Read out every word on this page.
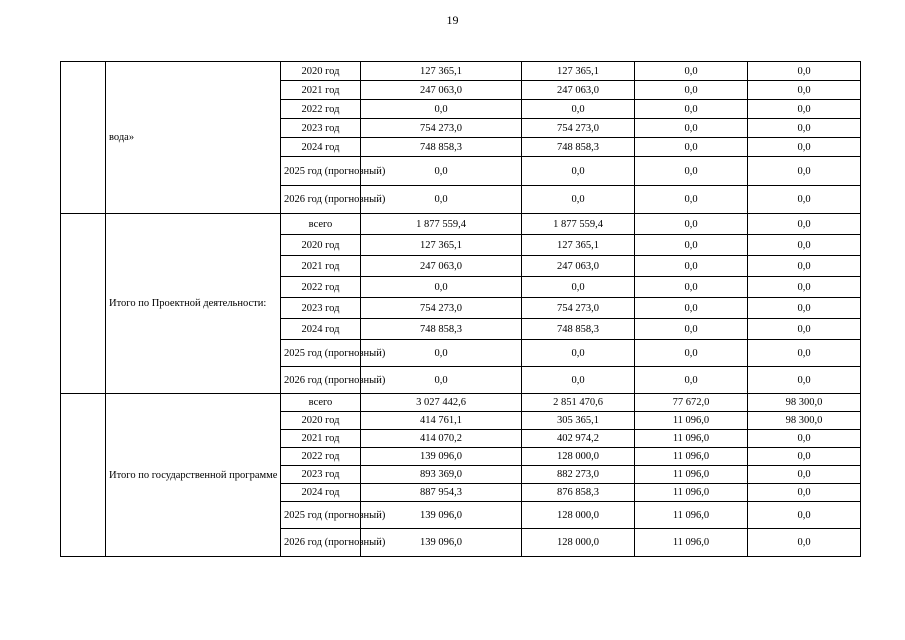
19
	вода»	2020 год	127 365,1	127 365,1	0,0	0,0
		2021 год	247 063,0	247 063,0	0,0	0,0
		2022 год	0,0	0,0	0,0	0,0
		2023 год	754 273,0	754 273,0	0,0	0,0
		2024 год	748 858,3	748 858,3	0,0	0,0
		2025 год (прогнозный)	0,0	0,0	0,0	0,0
		2026 год (прогнозный)	0,0	0,0	0,0	0,0
	Итого по Проектной деятельности:	всего	1 877 559,4	1 877 559,4	0,0	0,0
		2020 год	127 365,1	127 365,1	0,0	0,0
		2021 год	247 063,0	247 063,0	0,0	0,0
		2022 год	0,0	0,0	0,0	0,0
		2023 год	754 273,0	754 273,0	0,0	0,0
		2024 год	748 858,3	748 858,3	0,0	0,0
		2025 год (прогнозный)	0,0	0,0	0,0	0,0
		2026 год (прогнозный)	0,0	0,0	0,0	0,0
	Итого по государственной программе	всего	3 027 442,6	2 851 470,6	77 672,0	98 300,0
		2020 год	414 761,1	305 365,1	11 096,0	98 300,0
		2021 год	414 070,2	402 974,2	11 096,0	0,0
		2022 год	139 096,0	128 000,0	11 096,0	0,0
		2023 год	893 369,0	882 273,0	11 096,0	0,0
		2024 год	887 954,3	876 858,3	11 096,0	0,0
		2025 год (прогнозный)	139 096,0	128 000,0	11 096,0	0,0
		2026 год (прогнозный)	139 096,0	128 000,0	11 096,0	0,0
